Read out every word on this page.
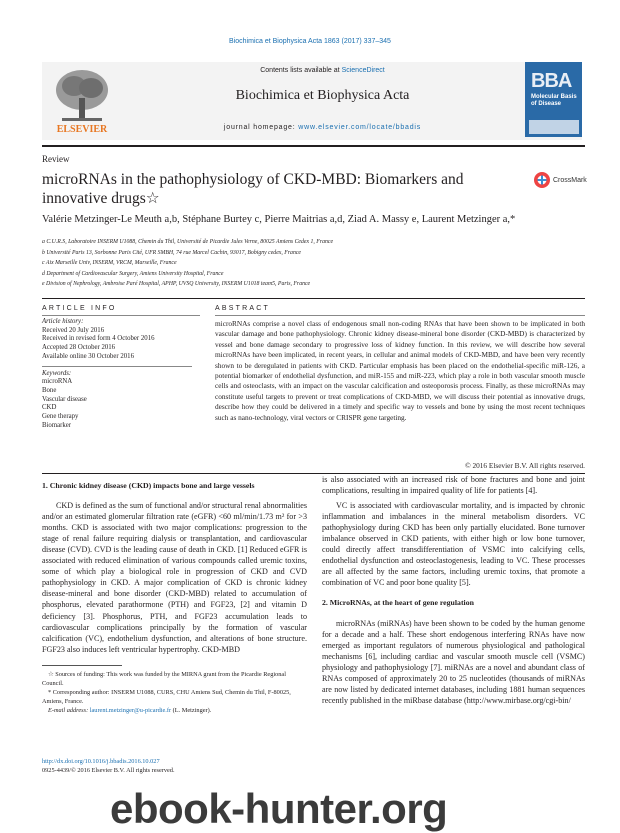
Biochimica et Biophysica Acta 1863 (2017) 337–345
ELSEVIER
Contents lists available at ScienceDirect
Biochimica et Biophysica Acta
journal homepage: www.elsevier.com/locate/bbadis
BBA
Molecular Basis of Disease
Review
microRNAs in the pathophysiology of CKD-MBD: Biomarkers and innovative drugs☆
CrossMark
Valérie Metzinger-Le Meuth a,b, Stéphane Burtey c, Pierre Maitrias a,d, Ziad A. Massy e, Laurent Metzinger a,*
a C.U.R.S, Laboratoire INSERM U1088, Chemin du Thil, Université de Picardie Jules Verne, 80025 Amiens Cedex 1, France
b Université Paris 13, Sorbonne Paris Cité, UFR SMBH, 74 rue Marcel Cachin, 93017, Bobigny cedex, France
c Aix Marseille Univ, INSERM, VRCM, Marseille, France
d Department of Cardiovascular Surgery, Amiens University Hospital, France
e Division of Nephrology, Ambroise Paré Hospital, APHP, UVSQ University, INSERM U1018 team5, Paris, France
ARTICLE INFO	ABSTRACT
Article history:
Received 20 July 2016
Received in revised form 4 October 2016
Accepted 28 October 2016
Available online 30 October 2016
Keywords:
microRNA
Bone
Vascular disease
CKD
Gene therapy
Biomarker
microRNAs comprise a novel class of endogenous small non-coding RNAs that have been shown to be implicated in both vascular damage and bone pathophysiology. Chronic kidney disease-mineral bone disorder (CKD-MBD) is characterized by vessel and bone damage secondary to progressive loss of kidney function. In this review, we will describe how several microRNAs have been implicated, in recent years, in cellular and animal models of CKD-MBD, and have been very recently shown to be deregulated in patients with CKD. Particular emphasis has been placed on the endothelial-specific miR-126, a potential biomarker of endothelial dysfunction, and miR-155 and miR-223, which play a role in both vascular smooth muscle cells and osteoclasts, with an impact on the vascular calcification and osteoporosis process. Finally, as these microRNAs may constitute useful targets to prevent or treat complications of CKD-MBD, we will discuss their potential as innovative drugs, describe how they could be delivered in a timely and specific way to vessels and bone by using the most recent techniques such as nano-technology, viral vectors or CRISPR gene targeting.
© 2016 Elsevier B.V. All rights reserved.
1. Chronic kidney disease (CKD) impacts bone and large vessels

CKD is defined as the sum of functional and/or structural renal abnormalities and/or an estimated glomerular filtration rate (eGFR) <60 ml/min/1.73 m² for >3 months. CKD is associated with two major complications: progression to the stage of renal failure requiring dialysis or transplantation, and cardiovascular disease (CVD). CVD is the leading cause of death in CKD. [1] Reduced eGFR is associated with reduced elimination of various compounds called uremic toxins, some of which play a biological role in progression of CKD and CVD pathophysiology in CKD. A major complication of CKD is chronic kidney disease-mineral and bone disorder (CKD-MBD) related to accumulation of phosphorus, elevated parathormone (PTH) and FGF23, [2] and vitamin D deficiency [3]. Phosphorus, PTH, and FGF23 accumulation leads to cardiovascular complications principally by the formation of vascular calcification (VC), endothelium dysfunction, and alterations of bone structure. FGF23 also induces left ventricular hypertrophy. CKD-MBD

is also associated with an increased risk of bone fractures and bone and joint complications, resulting in impaired quality of life for patients [4].

VC is associated with cardiovascular mortality, and is impacted by chronic inflammation and imbalances in the mineral metabolism disorders. VC pathophysiology during CKD has been only partially elucidated. Bone turnover imbalance observed in CKD patients, with either high or low bone turnover, could directly affect transdifferentiation of VSMC into calcifying cells, endothelial dysfunction and osteoclastogenesis, leading to VC. These processes are all affected by the same factors, including uremic toxins, that promote a combination of VC and poor bone quality [5].

2. MicroRNAs, at the heart of gene regulation

microRNAs (miRNAs) have been shown to be coded by the human genome for a decade and a half. These short endogenous interfering RNAs have now emerged as important regulators of numerous physiological and pathological mechanisms [6], including cardiac and vascular smooth muscle cell (VSMC) physiology and pathophysiology [7]. miRNAs are a novel and abundant class of RNAs composed of approximately 20 to 25 nucleotides (thousands of miRNAs are now listed by dedicated internet databases, including 1881 human sequences recently published in the miRbase database (http://www.mirbase.org/cgi-bin/

☆ Sources of funding: This work was funded by the MIRNA grant from the Picardie Regional Council.

* Corresponding author: INSERM U1088, CURS, CHU Amiens Sud, Chemin du Thil, F-80025, Amiens, France.

E-mail address: laurent.metzinger@u-picardie.fr (L. Metzinger).

http://dx.doi.org/10.1016/j.bbadis.2016.10.027
0925-4439/© 2016 Elsevier B.V. All rights reserved.
ebook-hunter.org
